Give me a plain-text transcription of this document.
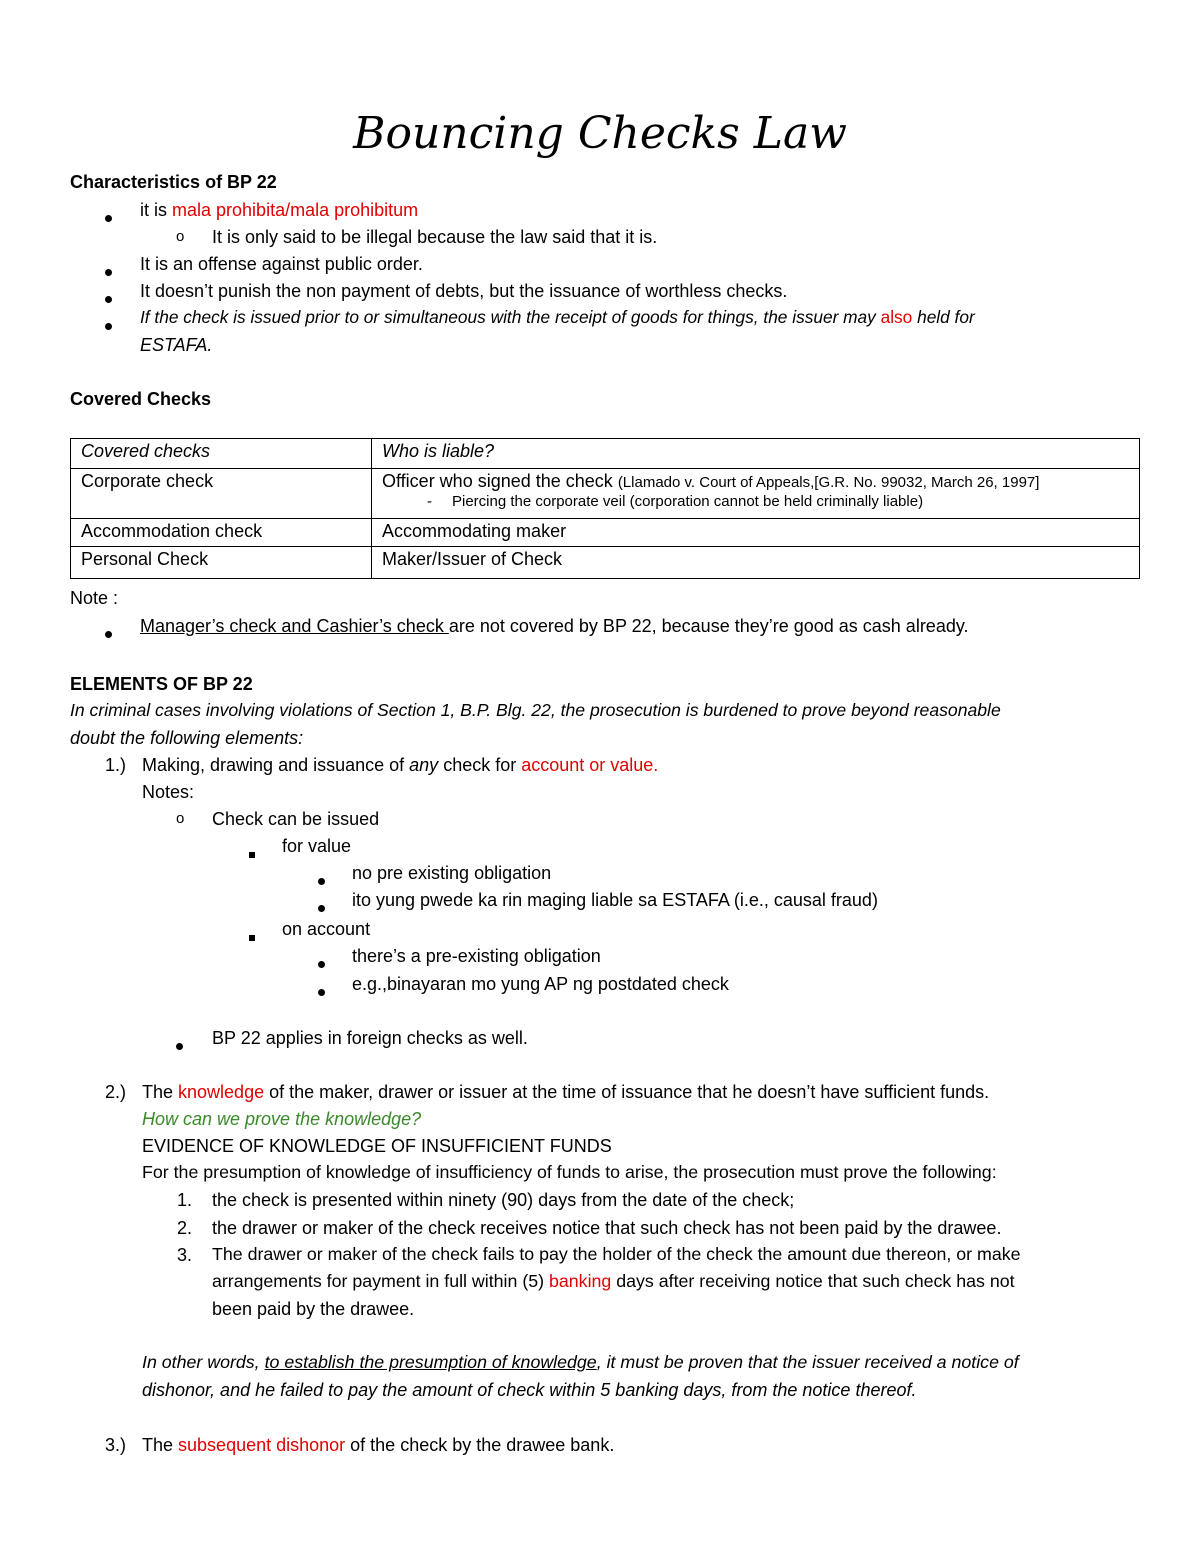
Bouncing Checks Law
Characteristics of BP 22
it is mala prohibita/mala prohibitum
o It is only said to be illegal because the law said that it is.
It is an offense against public order.
It doesn’t punish the non payment of debts, but the issuance of worthless checks.
If the check is issued prior to or simultaneous with the receipt of goods for things, the issuer may also held for
ESTAFA.
Covered Checks
Covered checks	Who is liable?
Corporate check	Officer who signed the check (Llamado v. Court of Appeals,[G.R. No. 99032, March 26, 1997]
- Piercing the corporate veil (corporation cannot be held criminally liable)

Accommodation check	Accommodating maker
Personal Check	Maker/Issuer of Check
Note :
Manager’s check and Cashier’s check are not covered by BP 22, because they’re good as cash already.
ELEMENTS OF BP 22
In criminal cases involving violations of Section 1, B.P. Blg. 22, the prosecution is burdened to prove beyond reasonable
doubt the following elements:
1.) Making, drawing and issuance of any check for account or value.
Notes:
o Check can be issued
for value
no pre existing obligation
ito yung pwede ka rin maging liable sa ESTAFA (i.e., causal fraud)
on account
there’s a pre-existing obligation
e.g.,binayaran mo yung AP ng postdated check
BP 22 applies in foreign checks as well.
2.) The knowledge of the maker, drawer or issuer at the time of issuance that he doesn’t have sufficient funds.
How can we prove the knowledge?
EVIDENCE OF KNOWLEDGE OF INSUFFICIENT FUNDS
For the presumption of knowledge of insufficiency of funds to arise, the prosecution must prove the following:
1. the check is presented within ninety (90) days from the date of the check;
2. the drawer or maker of the check receives notice that such check has not been paid by the drawee.
3. The drawer or maker of the check fails to pay the holder of the check the amount due thereon, or make
arrangements for payment in full within (5) banking days after receiving notice that such check has not
been paid by the drawee.
In other words, to establish the presumption of knowledge, it must be proven that the issuer received a notice of
dishonor, and he failed to pay the amount of check within 5 banking days, from the notice thereof.
3.) The subsequent dishonor of the check by the drawee bank.
